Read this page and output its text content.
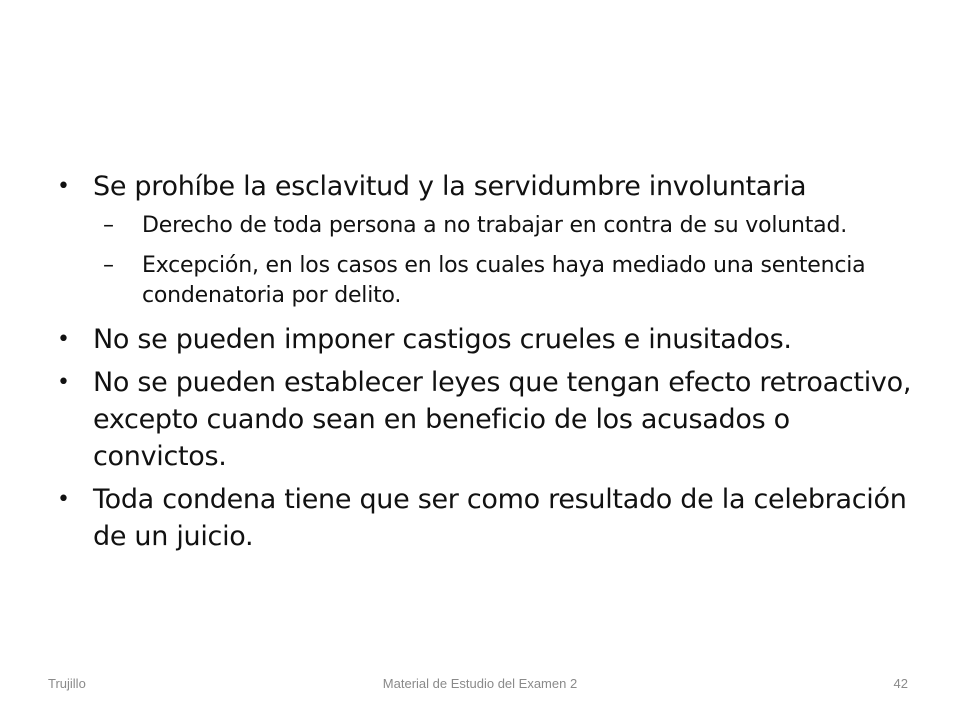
• Se prohíbe la esclavitud y la servidumbre involuntaria
– Derecho de toda persona a no trabajar en contra de su voluntad.
– Excepción, en los casos en los cuales haya mediado una sentencia condenatoria por delito.
• No se pueden imponer castigos crueles e inusitados.
• No se pueden establecer leyes que tengan efecto retroactivo, excepto cuando sean en beneficio de los acusados o convictos.
• Toda condena tiene que ser como resultado de la celebración de un juicio.
Material de Estudio del Examen 2
Trujillo	42
